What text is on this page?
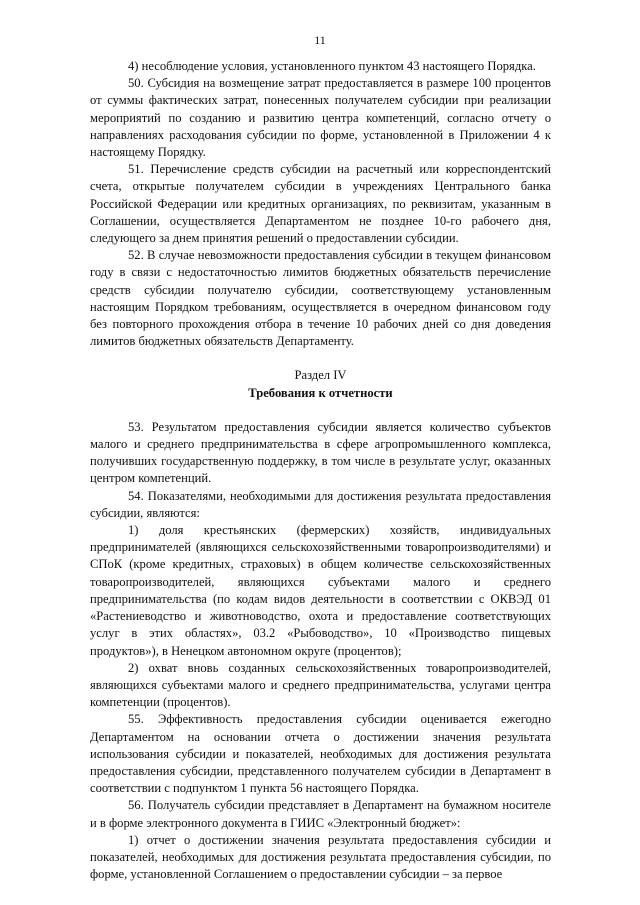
11

4) несоблюдение условия, установленного пунктом 43 настоящего Порядка.

50. Субсидия на возмещение затрат предоставляется в размере 100 процентов от суммы фактических затрат, понесенных получателем субсидии при реализации мероприятий по созданию и развитию центра компетенций, согласно отчету о направлениях расходования субсидии по форме, установленной в Приложении 4 к настоящему Порядку.

51. Перечисление средств субсидии на расчетный или корреспондентский счета, открытые получателем субсидии в учреждениях Центрального банка Российской Федерации или кредитных организациях, по реквизитам, указанным в Соглашении, осуществляется Департаментом не позднее 10-го рабочего дня, следующего за днем принятия решений о предоставлении субсидии.

52. В случае невозможности предоставления субсидии в текущем финансовом году в связи с недостаточностью лимитов бюджетных обязательств перечисление средств субсидии получателю субсидии, соответствующему установленным настоящим Порядком требованиям, осуществляется в очередном финансовом году без повторного прохождения отбора в течение 10 рабочих дней со дня доведения лимитов бюджетных обязательств Департаменту.

Раздел IV

Требования к отчетности

53. Результатом предоставления субсидии является количество субъектов малого и среднего предпринимательства в сфере агропромышленного комплекса, получивших государственную поддержку, в том числе в результате услуг, оказанных центром компетенций.

54. Показателями, необходимыми для достижения результата предоставления субсидии, являются:

1) доля крестьянских (фермерских) хозяйств, индивидуальных предпринимателей (являющихся сельскохозяйственными товаропроизводителями) и СПоК (кроме кредитных, страховых) в общем количестве сельскохозяйственных товаропроизводителей, являющихся субъектами малого и среднего предпринимательства (по кодам видов деятельности в соответствии с ОКВЭД 01 «Растениеводство и животноводство, охота и предоставление соответствующих услуг в этих областях», 03.2 «Рыбоводство», 10 «Производство пищевых продуктов»), в Ненецком автономном округе (процентов);

2) охват вновь созданных сельскохозяйственных товаропроизводителей, являющихся субъектами малого и среднего предпринимательства, услугами центра компетенции (процентов).

55. Эффективность предоставления субсидии оценивается ежегодно Департаментом на основании отчета о достижении значения результата использования субсидии и показателей, необходимых для достижения результата предоставления субсидии, представленного получателем субсидии в Департамент в соответствии с подпунктом 1 пункта 56 настоящего Порядка.

56. Получатель субсидии представляет в Департамент на бумажном носителе и в форме электронного документа в ГИИС «Электронный бюджет»:

1) отчет о достижении значения результата предоставления субсидии и показателей, необходимых для достижения результата предоставления субсидии, по форме, установленной Соглашением о предоставлении субсидии – за первое
